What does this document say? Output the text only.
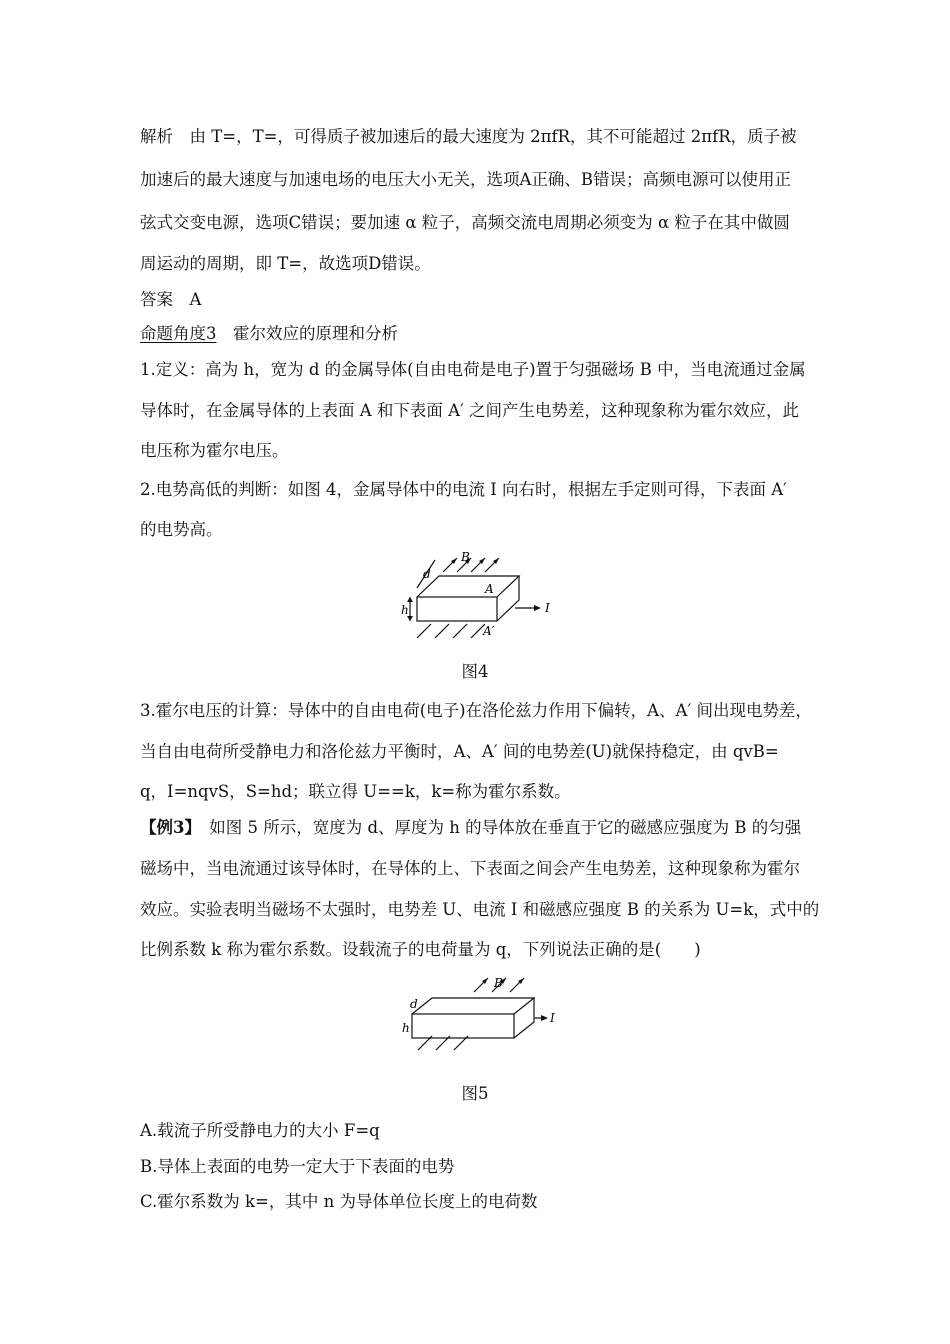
解析　由 T=，T=，可得质子被加速后的最大速度为 2πfR，其不可能超过 2πfR，质子被
加速后的最大速度与加速电场的电压大小无关，选项A正确、B错误；高频电源可以使用正
弦式交变电源，选项C错误；要加速 α 粒子，高频交流电周期必须变为 α 粒子在其中做圆
周运动的周期，即 T=，故选项D错误。
答案　A
命题角度3　霍尔效应的原理和分析
1.定义：高为 h，宽为 d 的金属导体(自由电荷是电子)置于匀强磁场 B 中，当电流通过金属
导体时，在金属导体的上表面 A 和下表面 A′ 之间产生电势差，这种现象称为霍尔效应，此
电压称为霍尔电压。
2.电势高低的判断：如图 4，金属导体中的电流 I 向右时，根据左手定则可得，下表面 A′
的电势高。
B
d
h
A
A′
I
图4
3.霍尔电压的计算：导体中的自由电荷(电子)在洛伦兹力作用下偏转，A、A′ 间出现电势差，
当自由电荷所受静电力和洛伦兹力平衡时，A、A′ 间的电势差(U)就保持稳定，由 qvB=
q，I=nqvS，S=hd；联立得 U==k，k=称为霍尔系数。
【例3】　如图 5 所示，宽度为 d、厚度为 h 的导体放在垂直于它的磁感应强度为 B 的匀强
磁场中，当电流通过该导体时，在导体的上、下表面之间会产生电势差，这种现象称为霍尔
效应。实验表明当磁场不太强时，电势差 U、电流 I 和磁感应强度 B 的关系为 U=k，式中的
比例系数 k 称为霍尔系数。设载流子的电荷量为 q，下列说法正确的是(　　)
B
d
h
I
图5
A.载流子所受静电力的大小 F=q
B.导体上表面的电势一定大于下表面的电势
C.霍尔系数为 k=，其中 n 为导体单位长度上的电荷数
